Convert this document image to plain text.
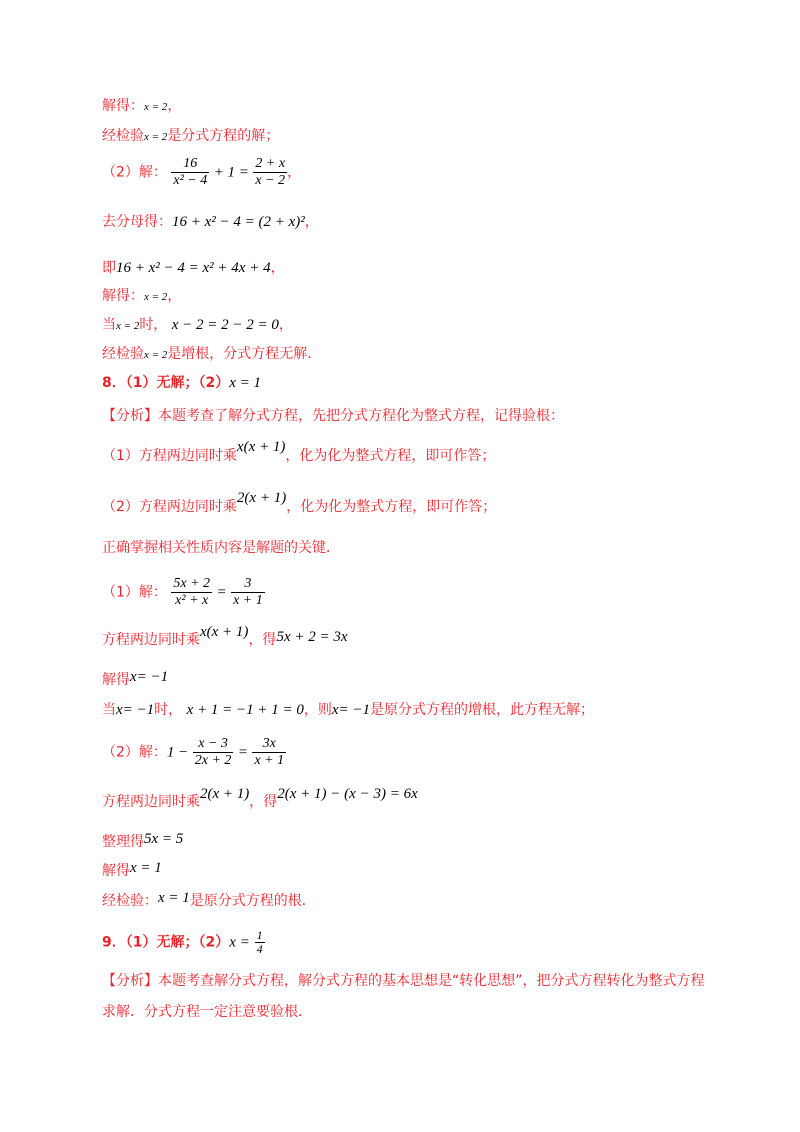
解得：x = 2，
经检验x = 2是分式方程的解；
（2）解： $\frac{16}{\text{x² − 4}} + 1 = \frac{2 + x}{x - 2}$ ，
去分母得：16 + x² − 4 = (2 + x)²，
即16 + x² − 4 = x² + 4x + 4，
解得：x = 2，
当x = 2时， x − 2 = 2 − 2 = 0，
经检验x = 2是增根，分式方程无解．
8．（1）无解；（2）x = 1
【分析】本题考查了解分式方程，先把分式方程化为整式方程，记得验根：
（1）方程两边同时乘x(x + 1)，化为化为整式方程，即可作答；
（2）方程两边同时乘2(x + 1)，化为化为整式方程，即可作答；
正确掌握相关性质内容是解题的关键．
（1）解： $\frac{5x + 2}{\text{x² + x}} = \frac{3}{x + 1}$
方程两边同时乘x(x + 1)，得5x + 2 = 3x
解得x= −1
当x= −1时， x + 1 = −1 + 1 = 0，则x= −1是原分式方程的增根，此方程无解；
（2）解：$1 - \frac{x - 3}{2x + 2} = \frac{3x}{x + 1}$
方程两边同时乘2(x + 1)，得2(x + 1) − (x − 3) = 6x
整理得5x = 5
解得x = 1
经检验：x = 1是原分式方程的根．
9．（1）无解；$(2)x = \frac{1}{4}$
【分析】本题考查解分式方程，解分式方程的基本思想是“转化思想”，把分式方程转化为整式方程
求解．分式方程一定注意要验根．
